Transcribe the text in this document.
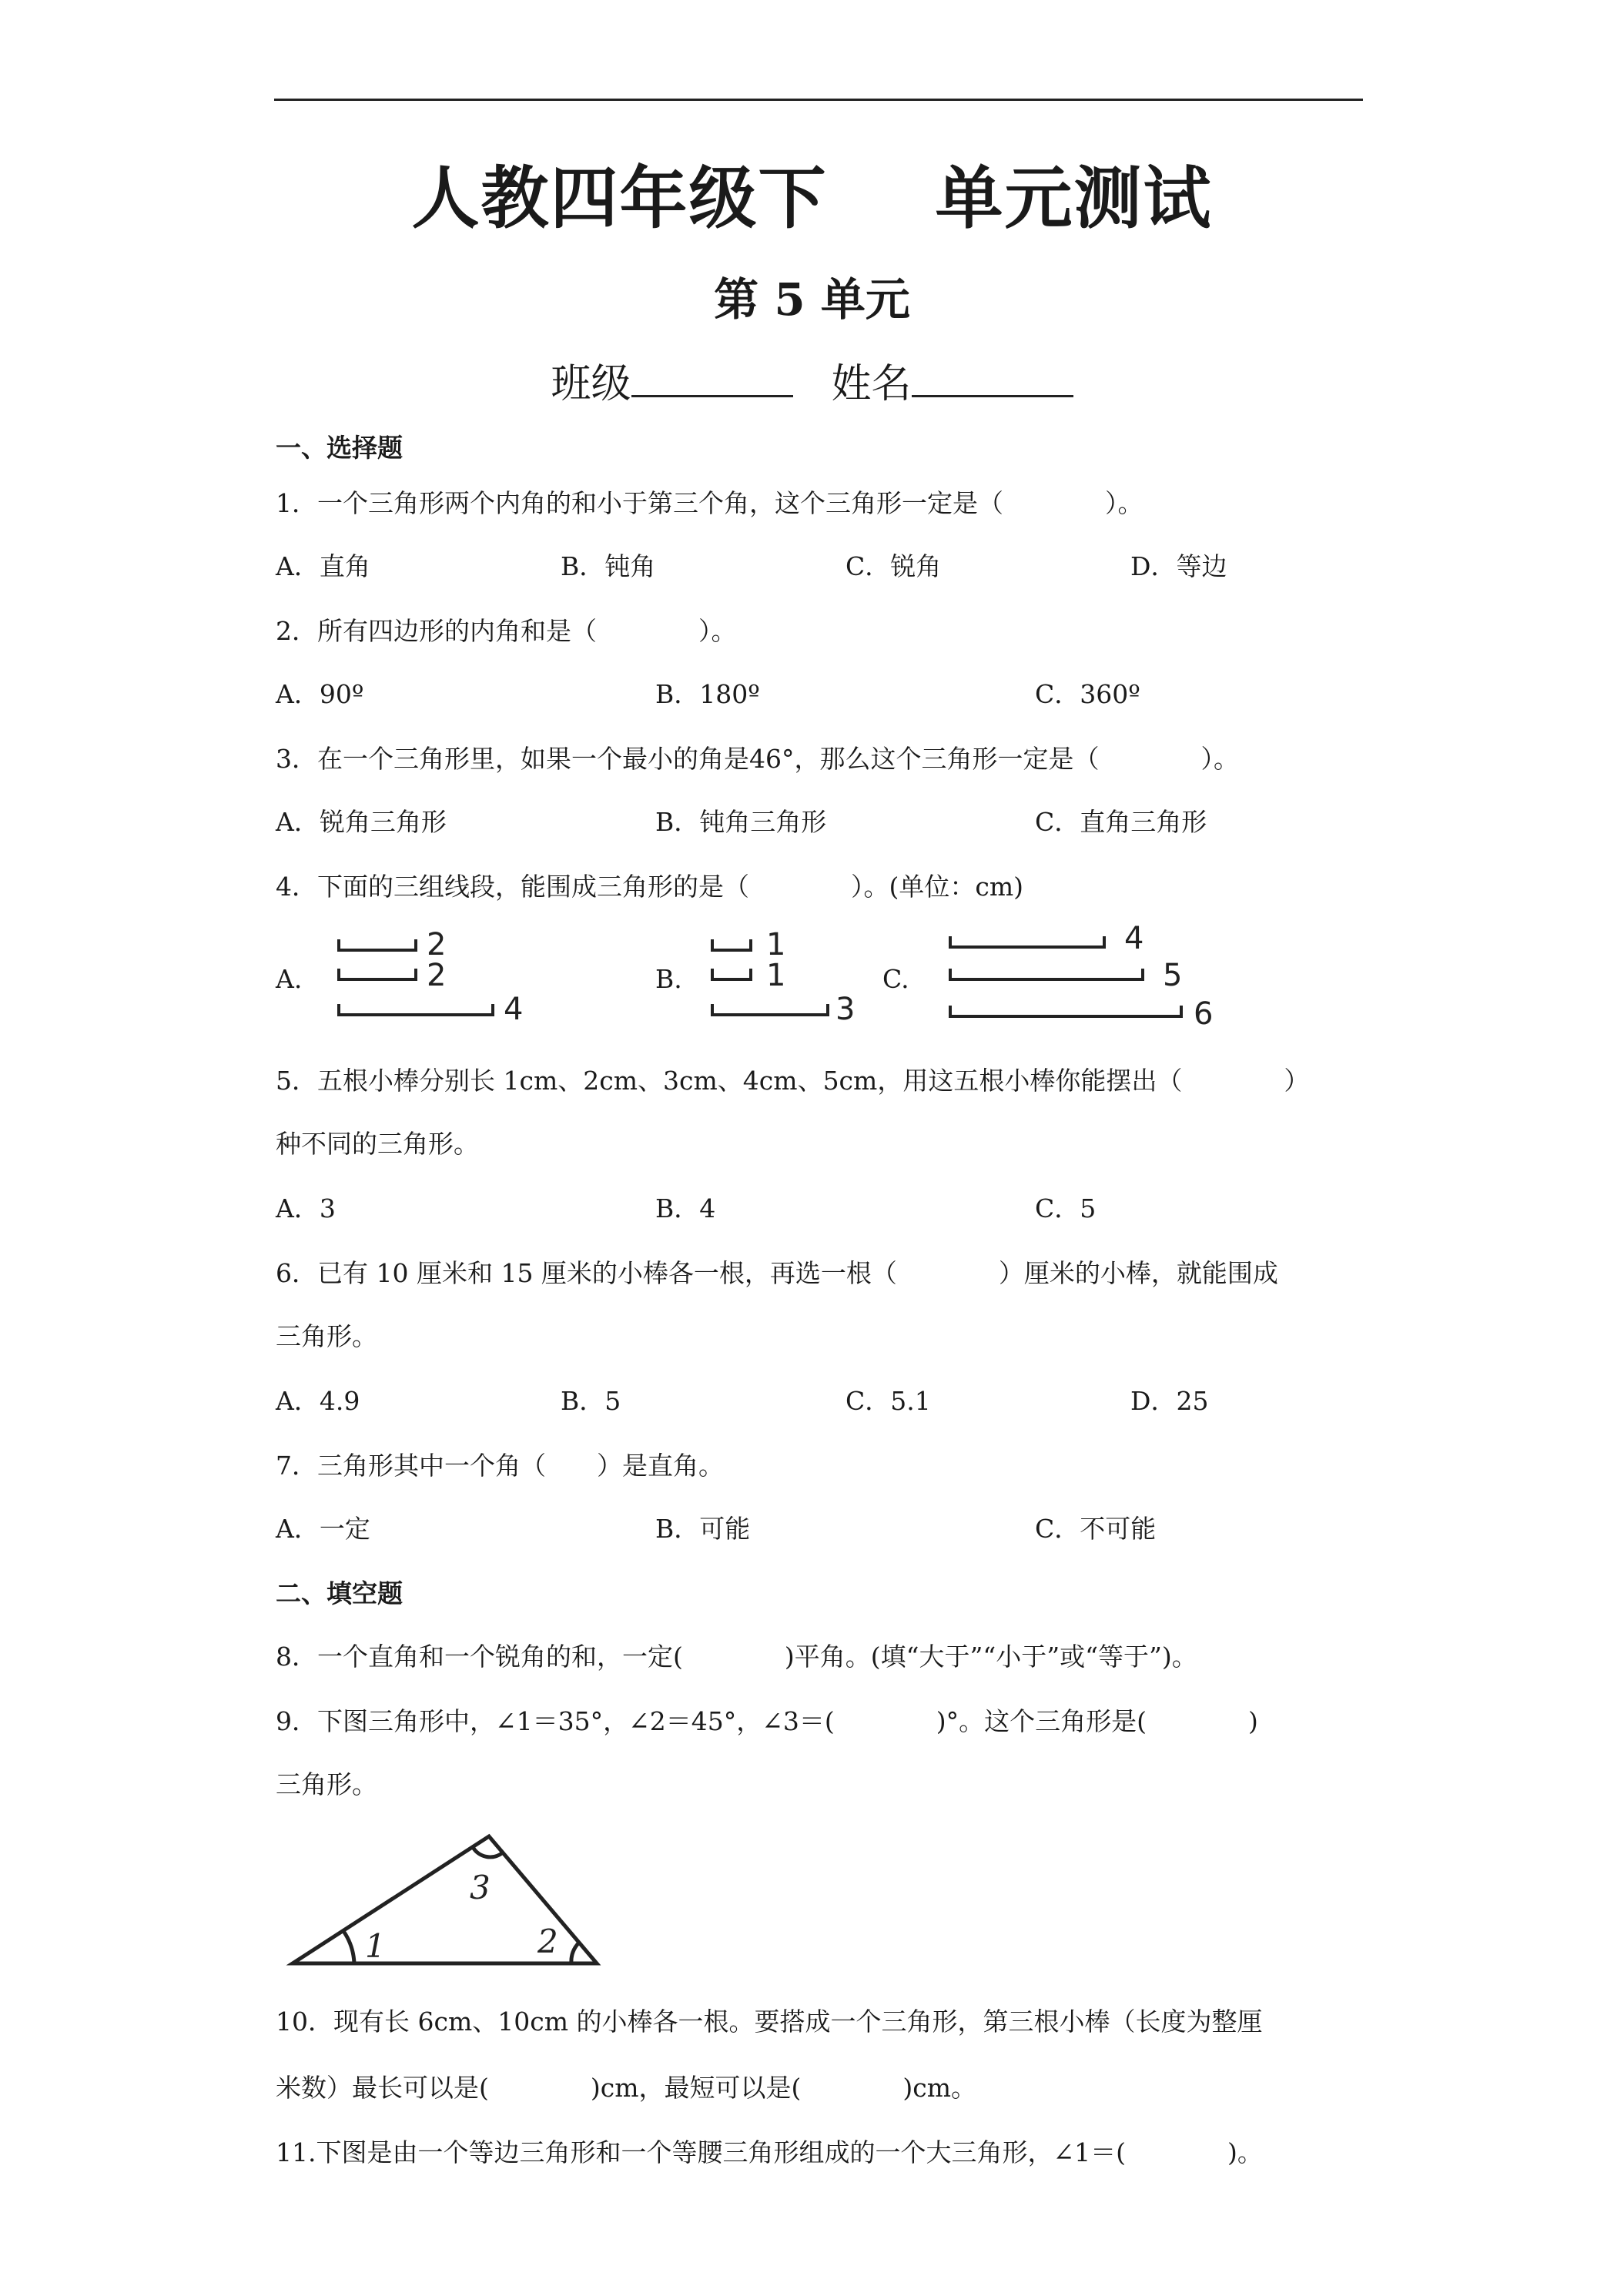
人教四年级下 单元测试
第 5 单元
班级	姓名
一、选择题
1．一个三角形两个内角的和小于第三个角，这个三角形一定是（　　　　）。
A．直角	B．钝角	C．锐角	D．等边
2．所有四边形的内角和是（　　　　）。
A．90º	B．180º	C．360º
3．在一个三角形里，如果一个最小的角是46°，那么这个三角形一定是（　　　　）。
A．锐角三角形	B．钝角三角形	C．直角三角形
4．下面的三组线段，能围成三角形的是（　　　　）。(单位：cm)
A.	B.	C.
2
2
4
1
1
3
4
5
6
5．五根小棒分别长 1cm、2cm、3cm、4cm、5cm，用这五根小棒你能摆出（　　　　）
种不同的三角形。
A．3	B．4	C．5
6．已有 10 厘米和 15 厘米的小棒各一根，再选一根（　　　　）厘米的小棒，就能围成
三角形。
A．4.9	B．5	C．5.1	D．25
7．三角形其中一个角（　　）是直角。
A．一定	B．可能	C．不可能
二、填空题
8．一个直角和一个锐角的和，一定(　　　　)平角。(填“大于”“小于”或“等于”)。
9．下图三角形中，∠1＝35°，∠2＝45°，∠3＝(　　　　)°。这个三角形是(　　　　)
三角形。
1	2
3
10．现有长 6cm、10cm 的小棒各一根。要搭成一个三角形，第三根小棒（长度为整厘
米数）最长可以是(　　　　)cm，最短可以是(　　　　)cm。
11.下图是由一个等边三角形和一个等腰三角形组成的一个大三角形，∠1＝(　　　　)。
